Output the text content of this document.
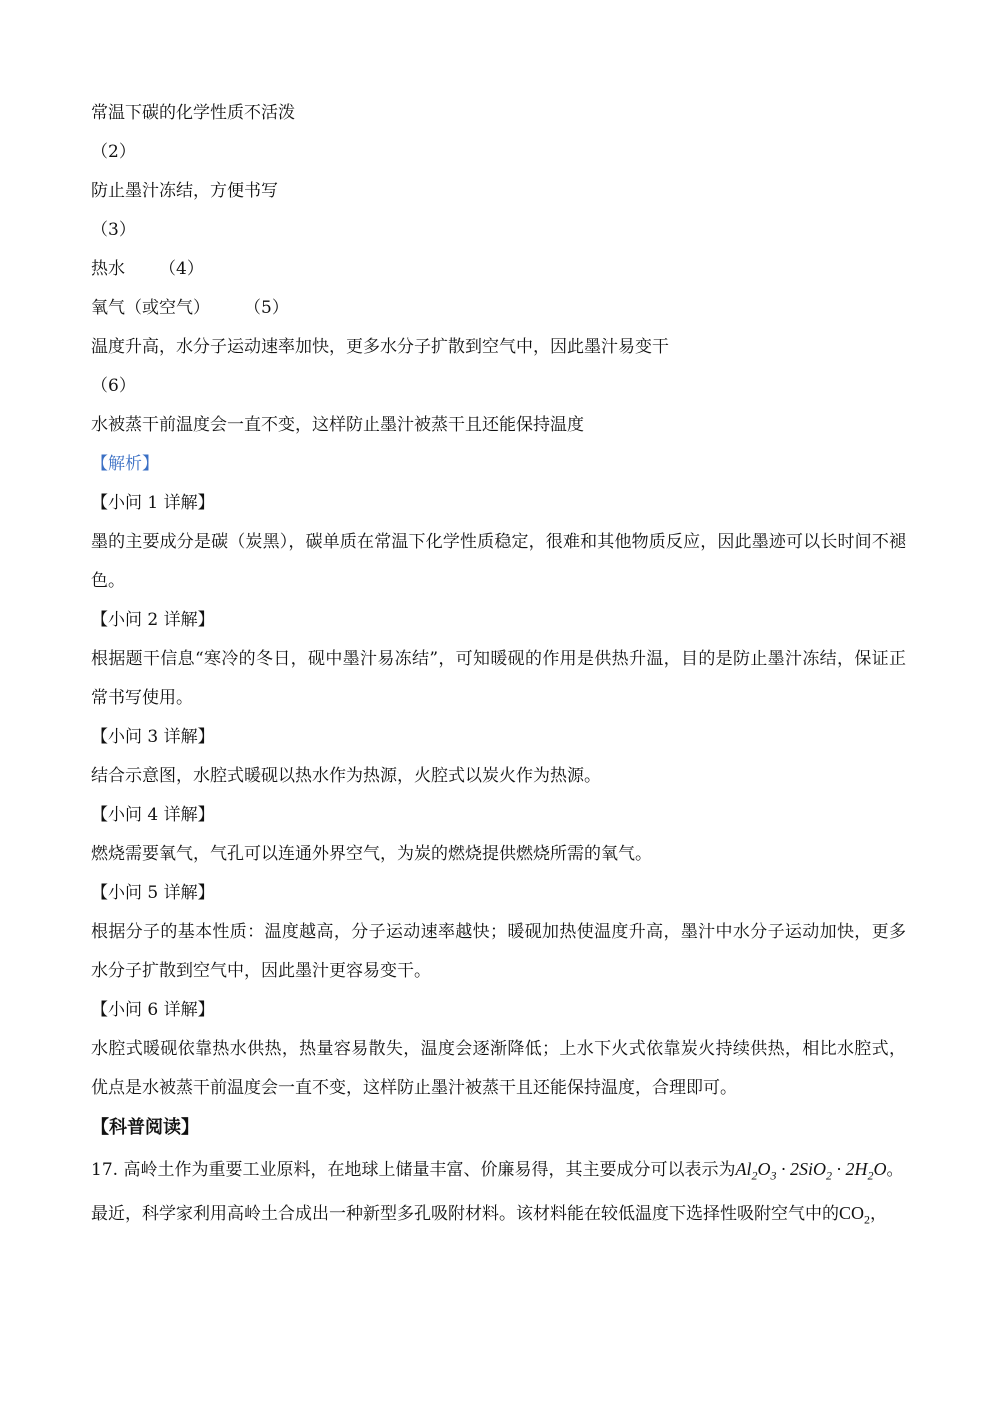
常温下碳的化学性质不活泼
（2）
防止墨汁冻结，方便书写
（3）
热水 （4）
氧气（或空气） （5）
温度升高，水分子运动速率加快，更多水分子扩散到空气中，因此墨汁易变干
（6）
水被蒸干前温度会一直不变，这样防止墨汁被蒸干且还能保持温度
【解析】
【小问 1 详解】
墨的主要成分是碳（炭黑），碳单质在常温下化学性质稳定，很难和其他物质反应，因此墨迹可以长时间不褪色。
【小问 2 详解】
根据题干信息“寒冷的冬日，砚中墨汁易冻结”，可知暖砚的作用是供热升温，目的是防止墨汁冻结，保证正常书写使用。
【小问 3 详解】
结合示意图，水腔式暖砚以热水作为热源，火腔式以炭火作为热源。
【小问 4 详解】
燃烧需要氧气，气孔可以连通外界空气，为炭的燃烧提供燃烧所需的氧气。
【小问 5 详解】
根据分子的基本性质：温度越高，分子运动速率越快；暖砚加热使温度升高，墨汁中水分子运动加快，更多水分子扩散到空气中，因此墨汁更容易变干。
【小问 6 详解】
水腔式暖砚依靠热水供热，热量容易散失，温度会逐渐降低；上水下火式依靠炭火持续供热，相比水腔式，优点是水被蒸干前温度会一直不变，这样防止墨汁被蒸干且还能保持温度，合理即可。
【科普阅读】
17. 高岭土作为重要工业原料，在地球上储量丰富、价廉易得，其主要成分可以表示为$Al_2O_3 \cdot 2SiO_2 \cdot 2H_2O$。
最近，科学家利用高岭土合成出一种新型多孔吸附材料。该材料能在较低温度下选择性吸附空气中的$CO_2$，
